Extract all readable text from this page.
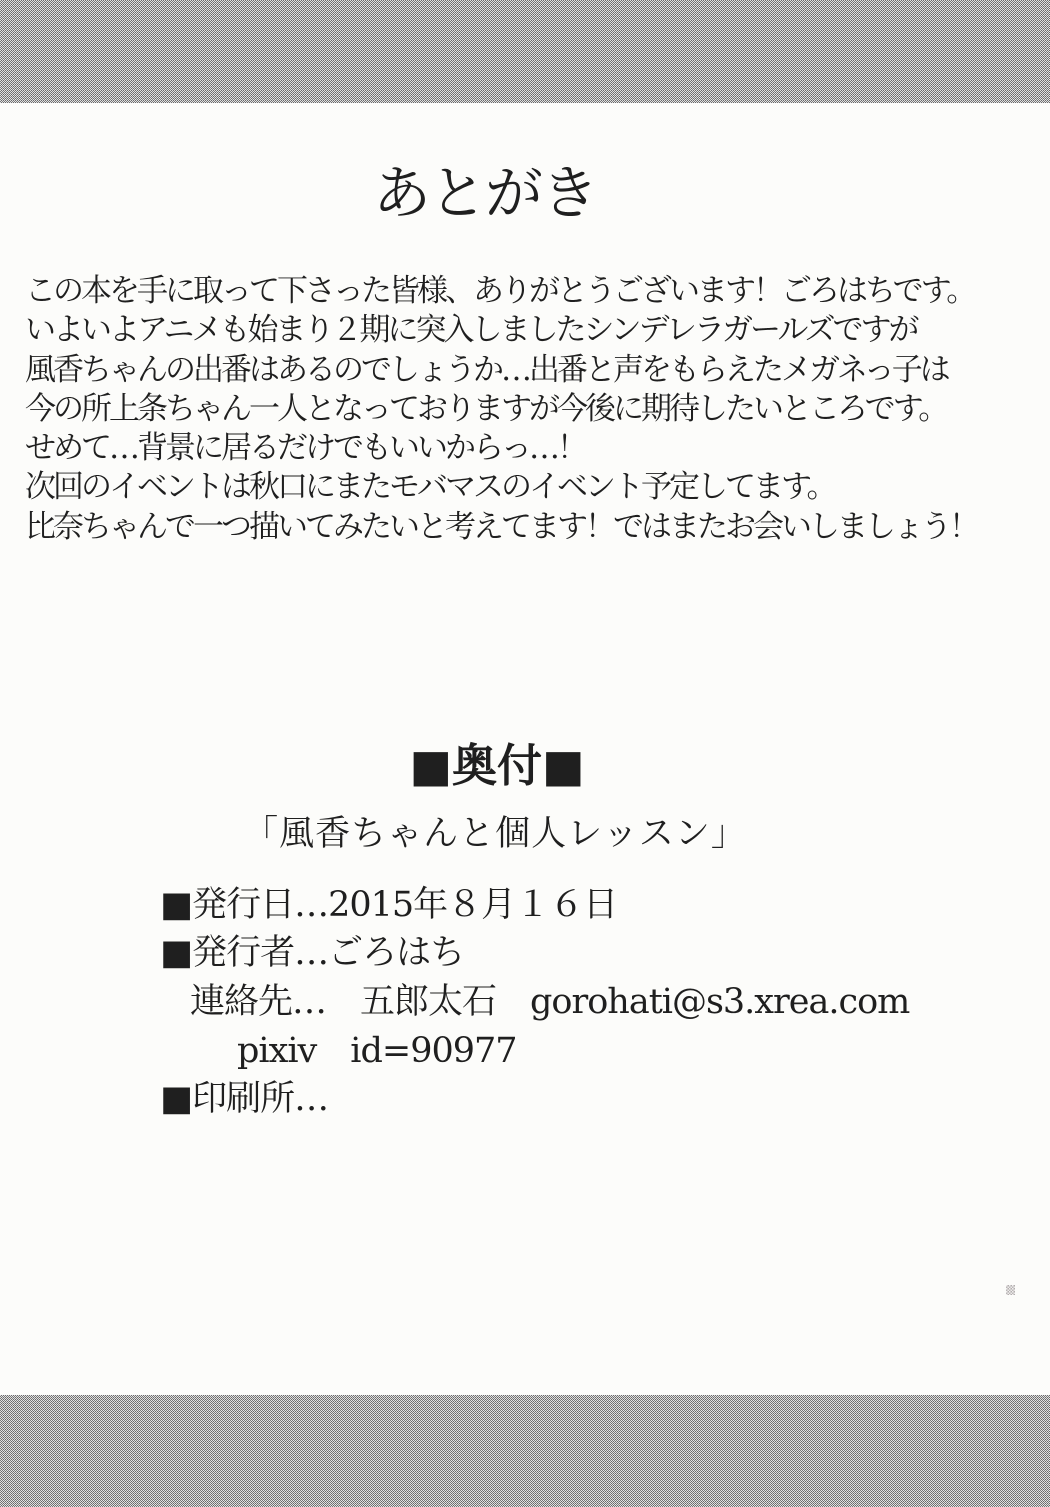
あとがき
この本を手に取って下さった皆様、ありがとうございます！ごろはちです。
いよいよアニメも始まり２期に突入しましたシンデレラガールズですが
風香ちゃんの出番はあるのでしょうか…出番と声をもらえたメガネっ子は
今の所上条ちゃん一人となっておりますが今後に期待したいところです。
せめて…背景に居るだけでもいいからっ…！
次回のイベントは秋口にまたモバマスのイベント予定してます。
比奈ちゃんで一つ描いてみたいと考えてます！ではまたお会いしましょう！
■奥付■
「風香ちゃんと個人レッスン」
■発行日…2015年８月１６日
■発行者…ごろはち
連絡先…　五郎太石　gorohati@s3.xrea.com
pixiv　id=90977
■印刷所…
